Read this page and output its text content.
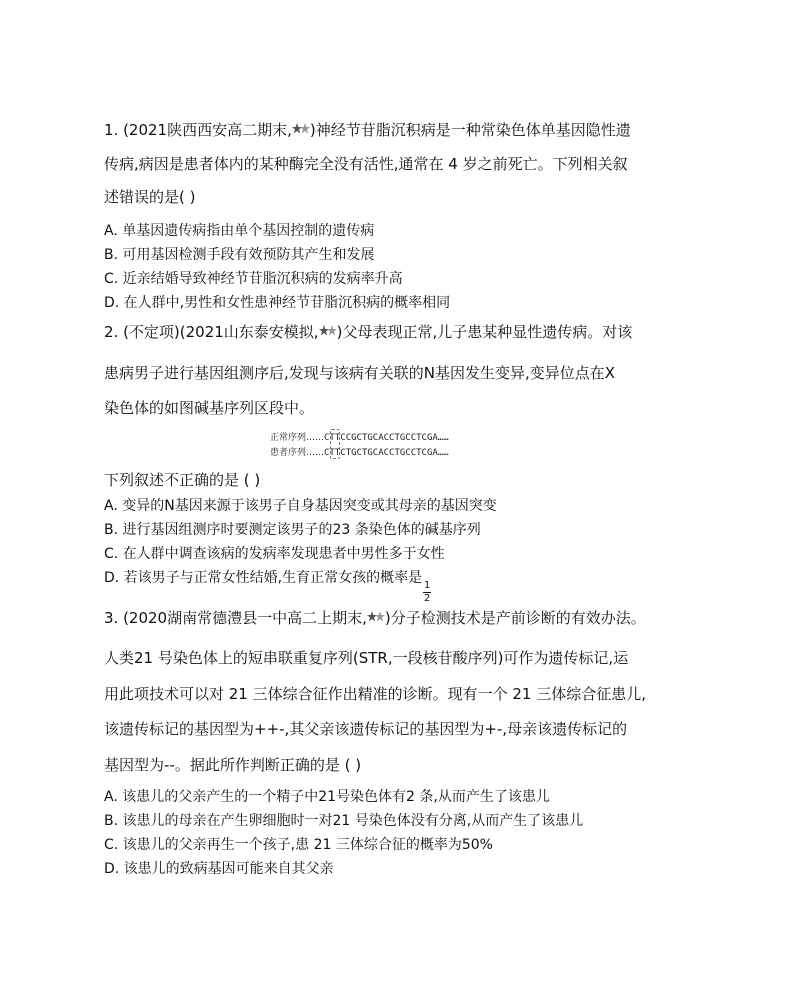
1. (2021陕西西安高二期末, )神经节苷脂沉积病是一种常染色体单基因隐性遗
传病,病因是患者体内的某种酶完全没有活性,通常在 4 岁之前死亡。下列相关叙
述错误的是( )
A. 单基因遗传病指由单个基因控制的遗传病
B. 可用基因检测手段有效预防其产生和发展
C. 近亲结婚导致神经节苷脂沉积病的发病率升高
D. 在人群中,男性和女性患神经节苷脂沉积病的概率相同
2. (不定项)(2021山东泰安模拟, )父母表现正常,儿子患某种显性遗传病。对该
患病男子进行基因组测序后,发现与该病有关联的N基因发生变异,变异位点在X
染色体的如图碱基序列区段中。
正常序列……CTTCCGCTGCACCTGCCTCGA……
患者序列……CTTCTGCTGCACCTGCCTCGA……
下列叙述不正确的是 ( )
A. 变异的N基因来源于该男子自身基因突变或其母亲的基因突变
B. 进行基因组测序时要测定该男子的23 条染色体的碱基序列
C. 在人群中调查该病的发病率发现患者中男性多于女性
D. 若该男子与正常女性结婚,生育正常女孩的概率是
$\frac{1}{2}$
3. (2020湖南常德澧县一中高二上期末, )分子检测技术是产前诊断的有效办法。
人类21 号染色体上的短串联重复序列(STR,一段核苷酸序列)可作为遗传标记,运
用此项技术可以对 21 三体综合征作出精准的诊断。现有一个 21 三体综合征患儿,
该遗传标记的基因型为++-,其父亲该遗传标记的基因型为+-,母亲该遗传标记的
基因型为--。据此所作判断正确的是 ( )
A. 该患儿的父亲产生的一个精子中21号染色体有2 条,从而产生了该患儿
B. 该患儿的母亲在产生卵细胞时一对21 号染色体没有分离,从而产生了该患儿
C. 该患儿的父亲再生一个孩子,患 21 三体综合征的概率为50%
D. 该患儿的致病基因可能来自其父亲
